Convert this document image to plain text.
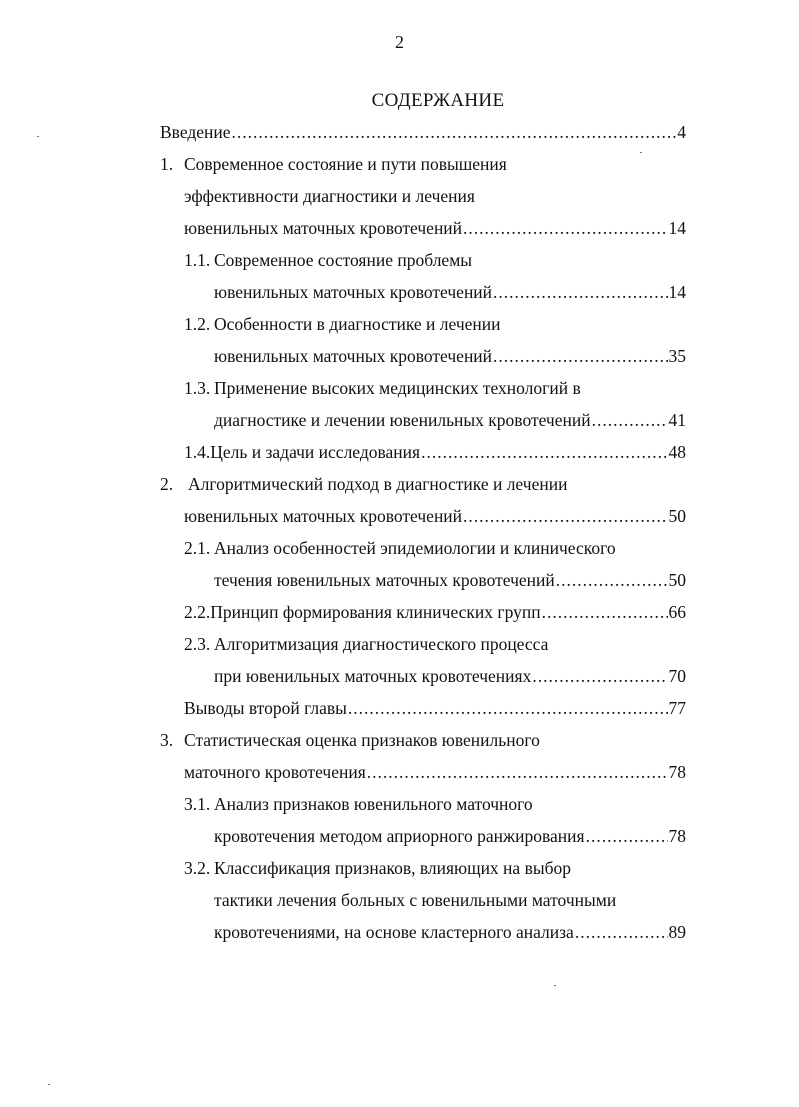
2
СОДЕРЖАНИЕ
Введение .....	4
1. Современное состояние и пути повышения
эффективности диагностики и лечения
ювенильных маточных кровотечений .....	14
1.1. Современное состояние проблемы
ювенильных маточных кровотечений .....	14
1.2. Особенности в диагностике и лечении
ювенильных маточных кровотечений .....	35
1.3. Применение высоких медицинских технологий в
диагностике и лечении ювенильных кровотечений .....	41
1.4. Цель и задачи исследования .....	48
2. Алгоритмический подход в диагностике и лечении
ювенильных маточных кровотечений .....	50
2.1. Анализ особенностей эпидемиологии и клинического
течения ювенильных маточных кровотечений .....	50
2.2. Принцип формирования клинических групп .....	66
2.3. Алгоритмизация диагностического процесса
при ювенильных маточных кровотечениях .....	70
Выводы второй главы .....	77
3. Статистическая оценка признаков ювенильного
маточного кровотечения .....	78
3.1. Анализ признаков ювенильного маточного
кровотечения методом априорного ранжирования .....	78
3.2. Классификация признаков, влияющих на выбор
тактики лечения больных с ювенильными маточными
кровотечениями, на основе кластерного анализа .....	89
